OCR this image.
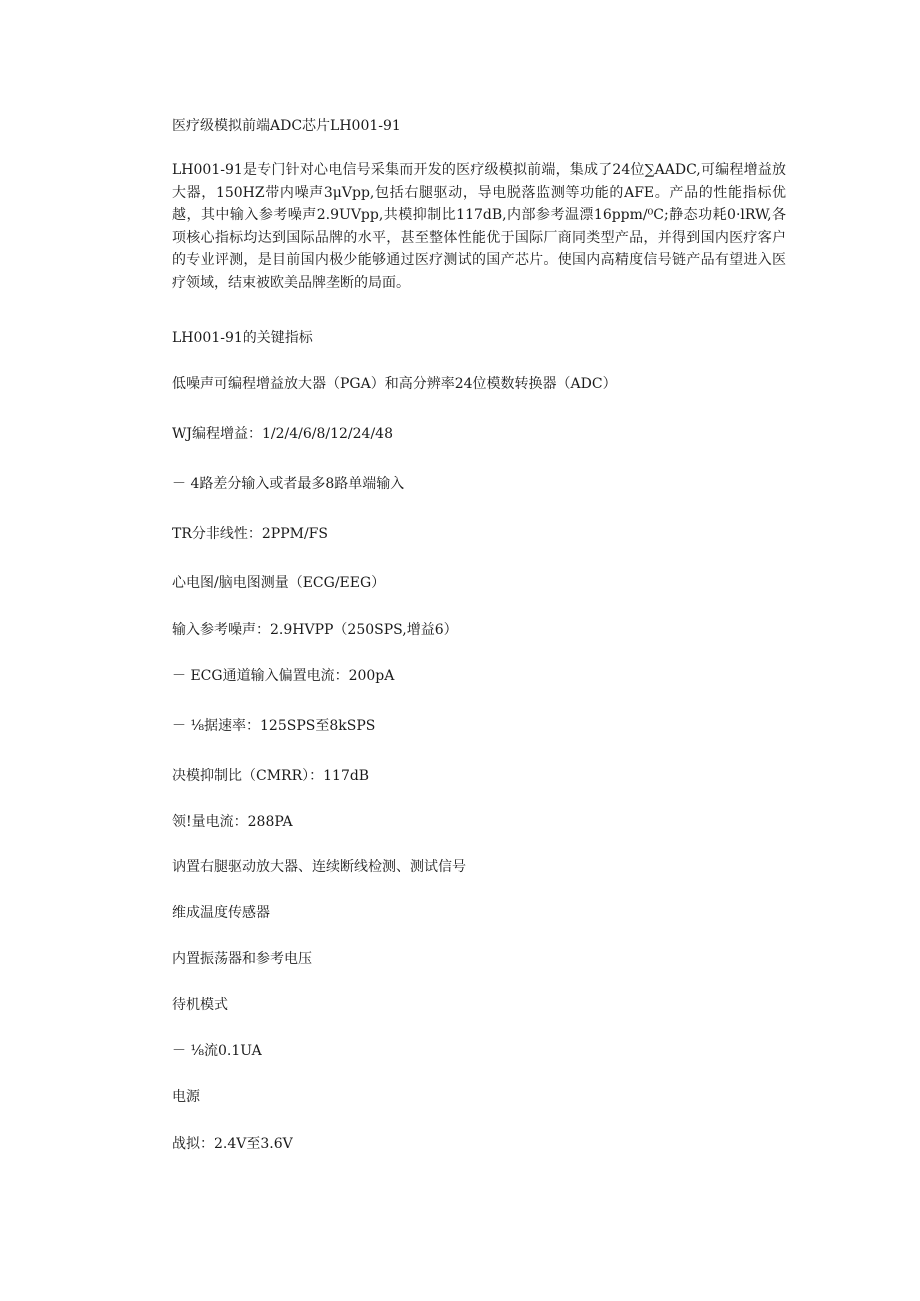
医疗级模拟前端ADC芯片LH001-91

LH001-91是专门针对心电信号采集而开发的医疗级模拟前端，集成了24位∑AADC,可编程增益放大器，150HZ带内噪声3μVpp,包括右腿驱动，导电脱落监测等功能的AFE。产品的性能指标优越，其中输入参考噪声2.9UVpp,共模抑制比117dB,内部参考温漂16ppm∕⁰C;静态功耗0·lRW,各项核心指标均达到国际品牌的水平，甚至整体性能优于国际厂商同类型产品，并得到国内医疗客户的专业评测，是目前国内极少能够通过医疗测试的国产芯片。使国内高精度信号链产品有望进入医疗领域，结束被欧美品牌垄断的局面。

LH001-91的关键指标

低噪声可编程增益放大器（PGA）和高分辨率24位模数转换器（ADC）

WJ编程增益：1/2/4/6/8/12/24/48

－ 4路差分输入或者最多8路单端输入

TR分非线性：2PPM/FS

心电图/脑电图测量（ECG/EEG）

输入参考噪声：2.9HVPP（250SPS,增益6）

－ ECG通道输入偏置电流：200pA

－ ⅛据速率：125SPS至8kSPS

决模抑制比（CMRR）：117dB

领!量电流：288PA

讷置右腿驱动放大器、连续断线检测、测试信号

维成温度传感器

内置振荡器和参考电压

待机模式

－ ⅛流0.1UA

电源

战拟：2.4V至3.6V
